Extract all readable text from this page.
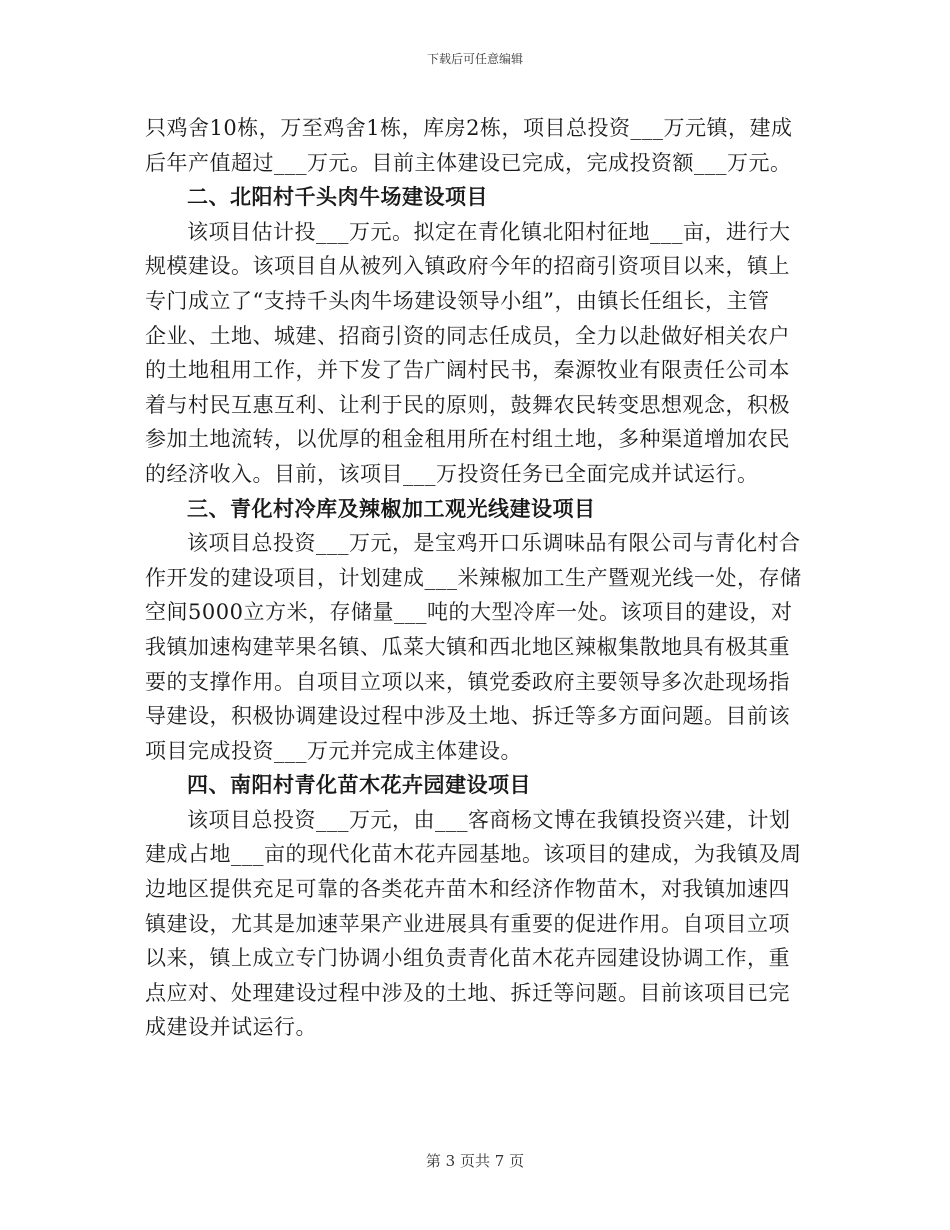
下载后可任意编辑
只鸡舍10栋，万至鸡舍1栋，库房2栋，项目总投资___万元镇，建成
后年产值超过___万元。目前主体建设已完成，完成投资额___万元。
二、北阳村千头肉牛场建设项目
该项目估计投___万元。拟定在青化镇北阳村征地___亩，进行大
规模建设。该项目自从被列入镇政府今年的招商引资项目以来，镇上
专门成立了“支持千头肉牛场建设领导小组”，由镇长任组长，主管
企业、土地、城建、招商引资的同志任成员，全力以赴做好相关农户
的土地租用工作，并下发了告广阔村民书，秦源牧业有限责任公司本
着与村民互惠互利、让利于民的原则，鼓舞农民转变思想观念，积极
参加土地流转，以优厚的租金租用所在村组土地，多种渠道增加农民
的经济收入。目前，该项目___万投资任务已全面完成并试运行。
三、青化村冷库及辣椒加工观光线建设项目
该项目总投资___万元，是宝鸡开口乐调味品有限公司与青化村合
作开发的建设项目，计划建成___米辣椒加工生产暨观光线一处，存储
空间5000立方米，存储量___吨的大型冷库一处。该项目的建设，对
我镇加速构建苹果名镇、瓜菜大镇和西北地区辣椒集散地具有极其重
要的支撑作用。自项目立项以来，镇党委政府主要领导多次赴现场指
导建设，积极协调建设过程中涉及土地、拆迁等多方面问题。目前该
项目完成投资___万元并完成主体建设。
四、南阳村青化苗木花卉园建设项目
该项目总投资___万元，由___客商杨文博在我镇投资兴建，计划
建成占地___亩的现代化苗木花卉园基地。该项目的建成，为我镇及周
边地区提供充足可靠的各类花卉苗木和经济作物苗木，对我镇加速四
镇建设，尤其是加速苹果产业进展具有重要的促进作用。自项目立项
以来，镇上成立专门协调小组负责青化苗木花卉园建设协调工作，重
点应对、处理建设过程中涉及的土地、拆迁等问题。目前该项目已完
成建设并试运行。
第 3 页共 7 页
